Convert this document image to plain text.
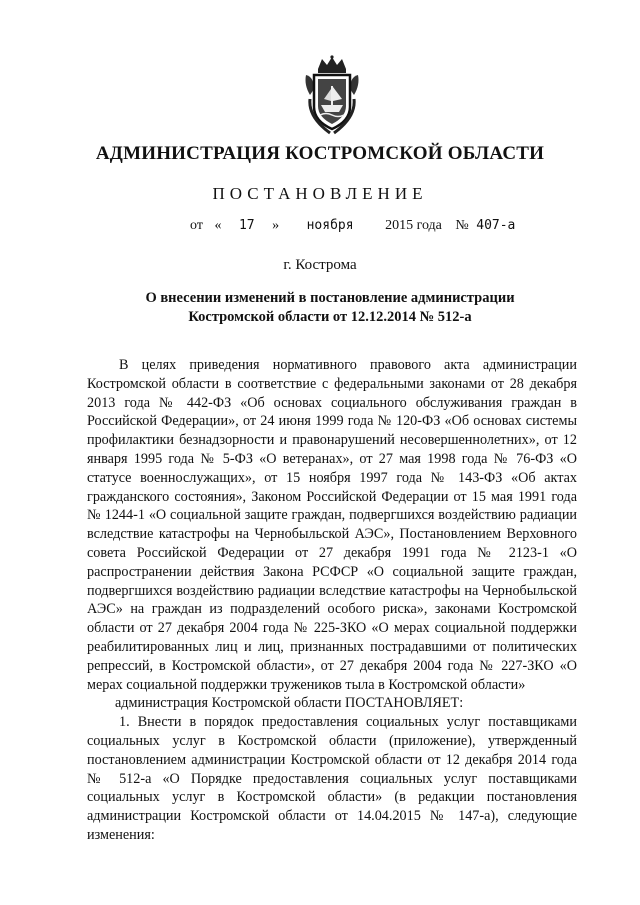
АДМИНИСТРАЦИЯ КОСТРОМСКОЙ ОБЛАСТИ
ПОСТАНОВЛЕНИЕ
от « 17 » ноября 2015 года № 407-а
г. Кострома
О внесении изменений в постановление администрации
Костромской области от 12.12.2014 № 512-а

В целях приведения нормативного правового акта администрации Костромской области в соответствие с федеральными законами от 28 декабря 2013 года № 442-ФЗ «Об основах социального обслуживания граждан в Российской Федерации», от 24 июня 1999 года № 120-ФЗ «Об основах системы профилактики безнадзорности и правонарушений несовершеннолетних», от 12 января 1995 года № 5-ФЗ «О ветеранах», от 27 мая 1998 года № 76-ФЗ «О статусе военнослужащих», от 15 ноября 1997 года № 143-ФЗ «Об актах гражданского состояния», Законом Российской Федерации от 15 мая 1991 года № 1244-1 «О социальной защите граждан, подвергшихся воздействию радиации вследствие катастрофы на Чернобыльской АЭС», Постановлением Верховного совета Российской Федерации от 27 декабря 1991 года № 2123-1 «О распространении действия Закона РСФСР «О социальной защите граждан, подвергшихся воздействию радиации вследствие катастрофы на Чернобыльской АЭС» на граждан из подразделений особого риска», законами Костромской области от 27 декабря 2004 года № 225-ЗКО «О мерах социальной поддержки реабилитированных лиц и лиц, признанных пострадавшими от политических репрессий, в Костромской области», от 27 декабря 2004 года № 227-ЗКО «О мерах социальной поддержки тружеников тыла в Костромской области»

администрация Костромской области ПОСТАНОВЛЯЕТ:

1. Внести в порядок предоставления социальных услуг поставщиками социальных услуг в Костромской области (приложение), утвержденный постановлением администрации Костромской области от 12 декабря 2014 года № 512-а «О Порядке предоставления социальных услуг поставщиками социальных услуг в Костромской области» (в редакции постановления администрации Костромской области от 14.04.2015 № 147-а), следующие изменения:
